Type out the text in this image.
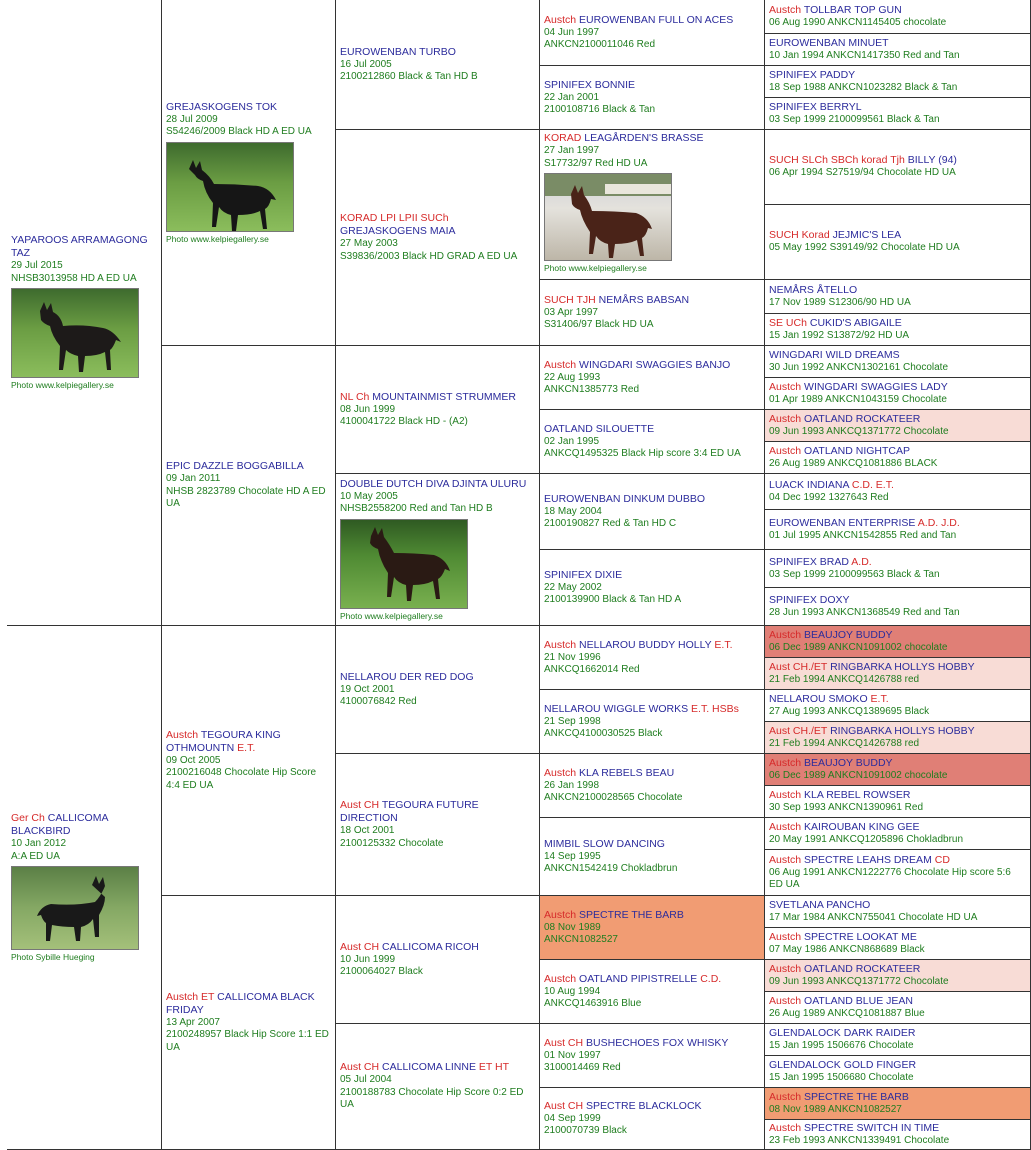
YAPAROOS ARRAMAGONG TAZ
29 Jul 2015
NHSB3013958 HD A ED UA
Photo www.kelpiegallery.se
Ger Ch CALLICOMA BLACKBIRD
10 Jan 2012
A:A ED UA
Photo Sybille Hueging
GREJASKOGENS TOK
28 Jul 2009
S54246/2009 Black HD A ED UA
Photo www.kelpiegallery.se
EPIC DAZZLE BOGGABILLA
09 Jan 2011
NHSB 2823789 Chocolate HD A ED UA
Austch TEGOURA KING OTHMOUNTN E.T.
09 Oct 2005
2100216048 Chocolate Hip Score 4:4 ED UA
Austch ET CALLICOMA BLACK FRIDAY
13 Apr 2007
2100248957 Black Hip Score 1:1 ED UA
EUROWENBAN TURBO
16 Jul 2005
2100212860 Black & Tan HD B
KORAD LPI LPII SUCh GREJASKOGENS MAIA
27 May 2003
S39836/2003 Black HD GRAD A ED UA
NL Ch MOUNTAINMIST STRUMMER
08 Jun 1999
4100041722 Black HD - (A2)
DOUBLE DUTCH DIVA DJINTA ULURU
10 May 2005
NHSB2558200 Red and Tan HD B
Photo www.kelpiegallery.se
NELLAROU DER RED DOG
19 Oct 2001
4100076842 Red
Aust CH TEGOURA FUTURE DIRECTION
18 Oct 2001
2100125332 Chocolate
Aust CH CALLICOMA RICOH
10 Jun 1999
2100064027 Black
Aust CH CALLICOMA LINNE ET HT
05 Jul 2004
2100188783 Chocolate Hip Score 0:2 ED UA
Austch EUROWENBAN FULL ON ACES
04 Jun 1997
ANKCN2100011046 Red
SPINIFEX BONNIE
22 Jan 2001
2100108716 Black & Tan
KORAD LEAGÅRDEN'S BRASSE
27 Jan 1997
S17732/97 Red HD UA
Photo www.kelpiegallery.se
SUCH TJH NEMÅRS BABSAN
03 Apr 1997
S31406/97 Black HD UA
Austch WINGDARI SWAGGIES BANJO
22 Aug 1993
ANKCN1385773 Red
OATLAND SILOUETTE
02 Jan 1995
ANKCQ1495325 Black Hip score 3:4 ED UA
EUROWENBAN DINKUM DUBBO
18 May 2004
2100190827 Red & Tan HD C
SPINIFEX DIXIE
22 May 2002
2100139900 Black & Tan HD A
Austch NELLAROU BUDDY HOLLY E.T.
21 Nov 1996
ANKCQ1662014 Red
NELLAROU WIGGLE WORKS E.T. HSBs
21 Sep 1998
ANKCQ4100030525 Black
Austch KLA REBELS BEAU
26 Jan 1998
ANKCN2100028565 Chocolate
MIMBIL SLOW DANCING
14 Sep 1995
ANKCN1542419 Chokladbrun
Austch SPECTRE THE BARB
08 Nov 1989
ANKCN1082527
Austch OATLAND PIPISTRELLE C.D.
10 Aug 1994
ANKCQ1463916 Blue
Aust CH BUSHECHOES FOX WHISKY
01 Nov 1997
3100014469 Red
Aust CH SPECTRE BLACKLOCK
04 Sep 1999
2100070739 Black
Austch TOLLBAR TOP GUN
06 Aug 1990 ANKCN1145405 chocolate
EUROWENBAN MINUET
10 Jan 1994 ANKCN1417350 Red and Tan
SPINIFEX PADDY
18 Sep 1988 ANKCN1023282 Black & Tan
SPINIFEX BERRYL
03 Sep 1999 2100099561 Black & Tan
SUCH SLCh SBCh korad Tjh BILLY (94)
06 Apr 1994 S27519/94 Chocolate HD UA
SUCH Korad JEJMIC'S LEA
05 May 1992 S39149/92 Chocolate HD UA
NEMÅRS ÅTELLO
17 Nov 1989 S12306/90 HD UA
SE UCh CUKID'S ABIGAILE
15 Jan 1992 S13872/92 HD UA
WINGDARI WILD DREAMS
30 Jun 1992 ANKCN1302161 Chocolate
Austch WINGDARI SWAGGIES LADY
01 Apr 1989 ANKCN1043159 Chocolate
Austch OATLAND ROCKATEER
09 Jun 1993 ANKCQ1371772 Chocolate
Austch OATLAND NIGHTCAP
26 Aug 1989 ANKCQ1081886 BLACK
LUACK INDIANA C.D. E.T.
04 Dec 1992 1327643 Red
EUROWENBAN ENTERPRISE A.D. J.D.
01 Jul 1995 ANKCN1542855 Red and Tan
SPINIFEX BRAD A.D.
03 Sep 1999 2100099563 Black & Tan
SPINIFEX DOXY
28 Jun 1993 ANKCN1368549 Red and Tan
Austch BEAUJOY BUDDY
06 Dec 1989 ANKCN1091002 chocolate
Aust CH./ET RINGBARKA HOLLYS HOBBY
21 Feb 1994 ANKCQ1426788 red
NELLAROU SMOKO E.T.
27 Aug 1993 ANKCQ1389695 Black
Aust CH./ET RINGBARKA HOLLYS HOBBY
21 Feb 1994 ANKCQ1426788 red
Austch BEAUJOY BUDDY
06 Dec 1989 ANKCN1091002 chocolate
Austch KLA REBEL ROWSER
30 Sep 1993 ANKCN1390961 Red
Austch KAIROUBAN KING GEE
20 May 1991 ANKCQ1205896 Chokladbrun
Austch SPECTRE LEAHS DREAM CD
06 Aug 1991 ANKCN1222776 Chocolate Hip score 5:6 ED UA
SVETLANA PANCHO
17 Mar 1984 ANKCN755041 Chocolate HD UA
Austch SPECTRE LOOKAT ME
07 May 1986 ANKCN868689 Black
Austch OATLAND ROCKATEER
09 Jun 1993 ANKCQ1371772 Chocolate
Austch OATLAND BLUE JEAN
26 Aug 1989 ANKCQ1081887 Blue
GLENDALOCK DARK RAIDER
15 Jan 1995 1506676 Chocolate
GLENDALOCK GOLD FINGER
15 Jan 1995 1506680 Chocolate
Austch SPECTRE THE BARB
08 Nov 1989 ANKCN1082527
Austch SPECTRE SWITCH IN TIME
23 Feb 1993 ANKCN1339491 Chocolate
